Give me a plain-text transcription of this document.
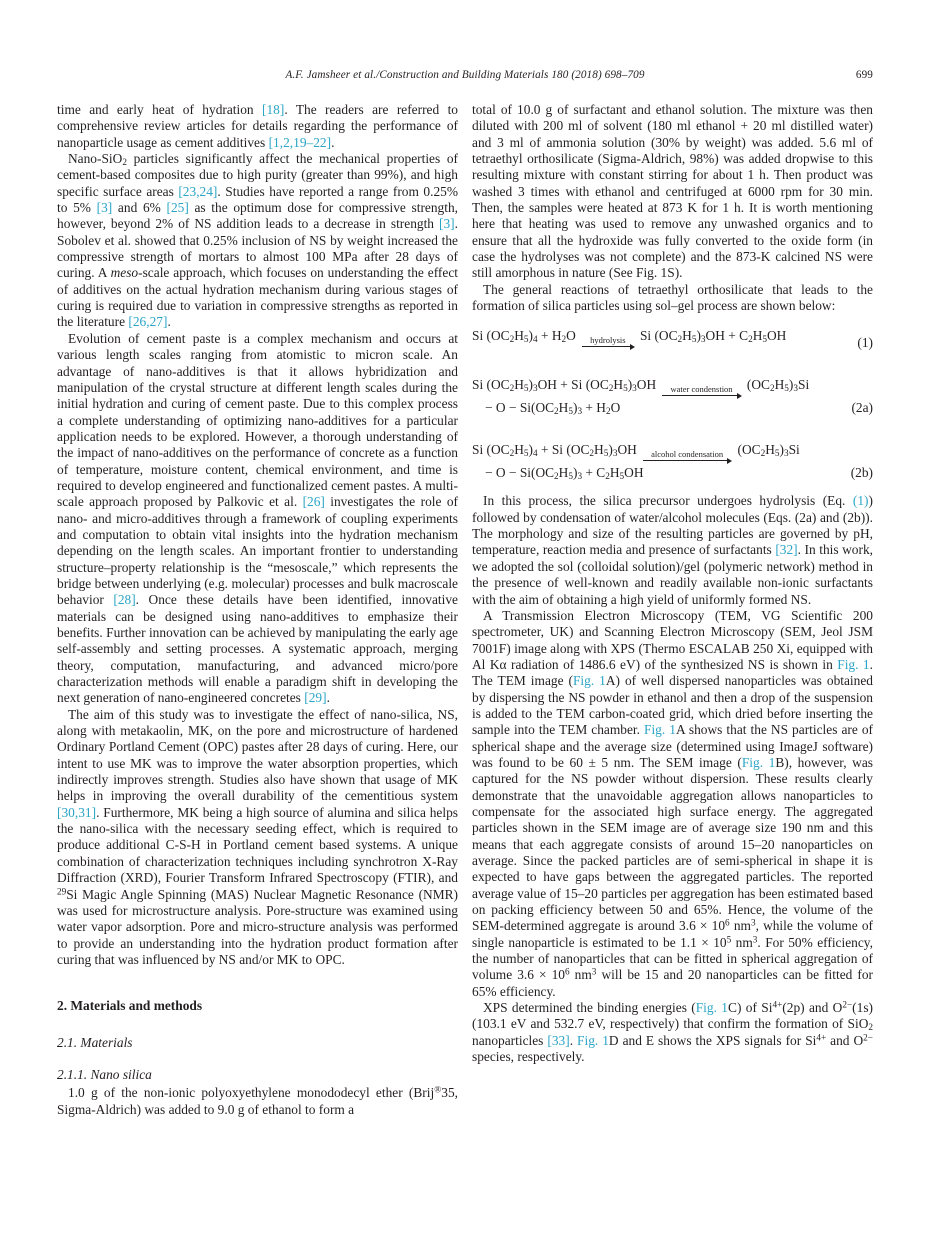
A.F. Jamsheer et al./Construction and Building Materials 180 (2018) 698–709	699

time and early heat of hydration [18]. The readers are referred to comprehensive review articles for details regarding the performance of nanoparticle usage as cement additives [1,2,19–22].

Nano-SiO$_2$ particles significantly affect the mechanical properties of cement-based composites due to high purity (greater than 99%), and high specific surface areas [23,24]. Studies have reported a range from 0.25% to 5% [3] and 6% [25] as the optimum dose for compressive strength, however, beyond 2% of NS addition leads to a decrease in strength [3]. Sobolev et al. showed that 0.25% inclusion of NS by weight increased the compressive strength of mortars to almost 100 MPa after 28 days of curing. A meso-scale approach, which focuses on understanding the effect of additives on the actual hydration mechanism during various stages of curing is required due to variation in compressive strengths as reported in the literature [26,27].

Evolution of cement paste is a complex mechanism and occurs at various length scales ranging from atomistic to micron scale. An advantage of nano-additives is that it allows hybridization and manipulation of the crystal structure at different length scales during the initial hydration and curing of cement paste. Due to this complex process a complete understanding of optimizing nano-additives for a particular application needs to be explored. However, a thorough understanding of the impact of nano-additives on the performance of concrete as a function of temperature, moisture content, chemical environment, and time is required to develop engineered and functionalized cement pastes. A multi-scale approach proposed by Palkovic et al. [26] investigates the role of nano- and micro-additives through a framework of coupling experiments and computation to obtain vital insights into the hydration mechanism depending on the length scales. An important frontier to understanding structure–property relationship is the “mesoscale,” which represents the bridge between underlying (e.g. molecular) processes and bulk macroscale behavior [28]. Once these details have been identified, innovative materials can be designed using nano-additives to emphasize their benefits. Further innovation can be achieved by manipulating the early age self-assembly and setting processes. A systematic approach, merging theory, computation, manufacturing, and advanced micro/pore characterization methods will enable a paradigm shift in developing the next generation of nano-engineered concretes [29].

The aim of this study was to investigate the effect of nano-silica, NS, along with metakaolin, MK, on the pore and microstructure of hardened Ordinary Portland Cement (OPC) pastes after 28 days of curing. Here, our intent to use MK was to improve the water absorption properties, which indirectly improves strength. Studies also have shown that usage of MK helps in improving the overall durability of the cementitious system [30,31]. Furthermore, MK being a high source of alumina and silica helps the nano-silica with the necessary seeding effect, which is required to produce additional C-S-H in Portland cement based systems. A unique combination of characterization techniques including synchrotron X-Ray Diffraction (XRD), Fourier Transform Infrared Spectroscopy (FTIR), and $^{29}$Si Magic Angle Spinning (MAS) Nuclear Magnetic Resonance (NMR) was used for microstructure analysis. Pore-structure was examined using water vapor adsorption. Pore and micro-structure analysis was performed to provide an understanding into the hydration product formation after curing that was influenced by NS and/or MK to OPC.

2. Materials and methods
2.1. Materials
2.1.1. Nano silica

1.0 g of the non-ionic polyoxyethylene monododecyl ether (Brij®35, Sigma-Aldrich) was added to 9.0 g of ethanol to form a

total of 10.0 g of surfactant and ethanol solution. The mixture was then diluted with 200 ml of solvent (180 ml ethanol + 20 ml distilled water) and 3 ml of ammonia solution (30% by weight) was added. 5.6 ml of tetraethyl orthosilicate (Sigma-Aldrich, 98%) was added dropwise to this resulting mixture with constant stirring for about 1 h. Then product was washed 3 times with ethanol and centrifuged at 6000 rpm for 30 min. Then, the samples were heated at 873 K for 1 h. It is worth mentioning here that heating was used to remove any unwashed organics and to ensure that all the hydroxide was fully converted to the oxide form (in case the hydrolyses was not complete) and the 873-K calcined NS were still amorphous in nature (See Fig. 1S).

The general reactions of tetraethyl orthosilicate that leads to the formation of silica particles using sol–gel process are shown below:

Si $(OC_2H_5)_4 + H_2O$	hydrolysis Si $(OC_2H_5)_3OH + C_2H_5OH$	(1)
Si $(OC_2H_5)_3OH + Si$ $(OC_2H_5)_3OH$	water condenstion $(OC_2H_5)_3Si$
− $O - Si(OC_2H_5)_3 + H_2O$	(2a)
Si $(OC_2H_5)_4 + Si$ $(OC_2H_5)_3OH$	alcohol condensation $(OC_2H_5)_3Si$
− $O - Si(OC_2H_5)_3 + C_2H_5OH$	(2b)

In this process, the silica precursor undergoes hydrolysis (Eq. (1)) followed by condensation of water/alcohol molecules (Eqs. (2a) and (2b)). The morphology and size of the resulting particles are governed by pH, temperature, reaction media and presence of surfactants [32]. In this work, we adopted the sol (colloidal solution)/gel (polymeric network) method in the presence of well-known and readily available non-ionic surfactants with the aim of obtaining a high yield of uniformly formed NS.

A Transmission Electron Microscopy (TEM, VG Scientific 200 spectrometer, UK) and Scanning Electron Microscopy (SEM, Jeol JSM 7001F) image along with XPS (Thermo ESCALAB 250 Xi, equipped with Al Kα radiation of 1486.6 eV) of the synthesized NS is shown in Fig. 1. The TEM image (Fig. 1A) of well dispersed nanoparticles was obtained by dispersing the NS powder in ethanol and then a drop of the suspension is added to the TEM carbon-coated grid, which dried before inserting the sample into the TEM chamber. Fig. 1A shows that the NS particles are of spherical shape and the average size (determined using ImageJ software) was found to be 60 ± 5 nm. The SEM image (Fig. 1B), however, was captured for the NS powder without dispersion. These results clearly demonstrate that the unavoidable aggregation allows nanoparticles to compensate for the associated high surface energy. The aggregated particles shown in the SEM image are of average size 190 nm and this means that each aggregate consists of around 15–20 nanoparticles on average. Since the packed particles are of semi-spherical in shape it is expected to have gaps between the aggregated particles. The reported average value of 15–20 particles per aggregation has been estimated based on packing efficiency between 50 and 65%. Hence, the volume of the SEM-determined aggregate is around $3.6 \times 10^6$ $nm^3$, while the volume of single nanoparticle is estimated to be $1.1 \times 10^5$ $nm^3$. For 50% efficiency, the number of nanoparticles that can be fitted in spherical aggregation of volume $3.6 \times 10^6$ $nm^3$ will be 15 and 20 nanoparticles can be fitted for 65% efficiency.

XPS determined the binding energies (Fig. 1C) of $Si^{4+}(2p)$ and $O^{2-}(1s)$ (103.1 eV and 532.7 eV, respectively) that confirm the formation of SiO$_2$ nanoparticles [33]. Fig. 1D and E shows the XPS signals for $Si^{4+}$ and $O^{2-}$ species, respectively.
